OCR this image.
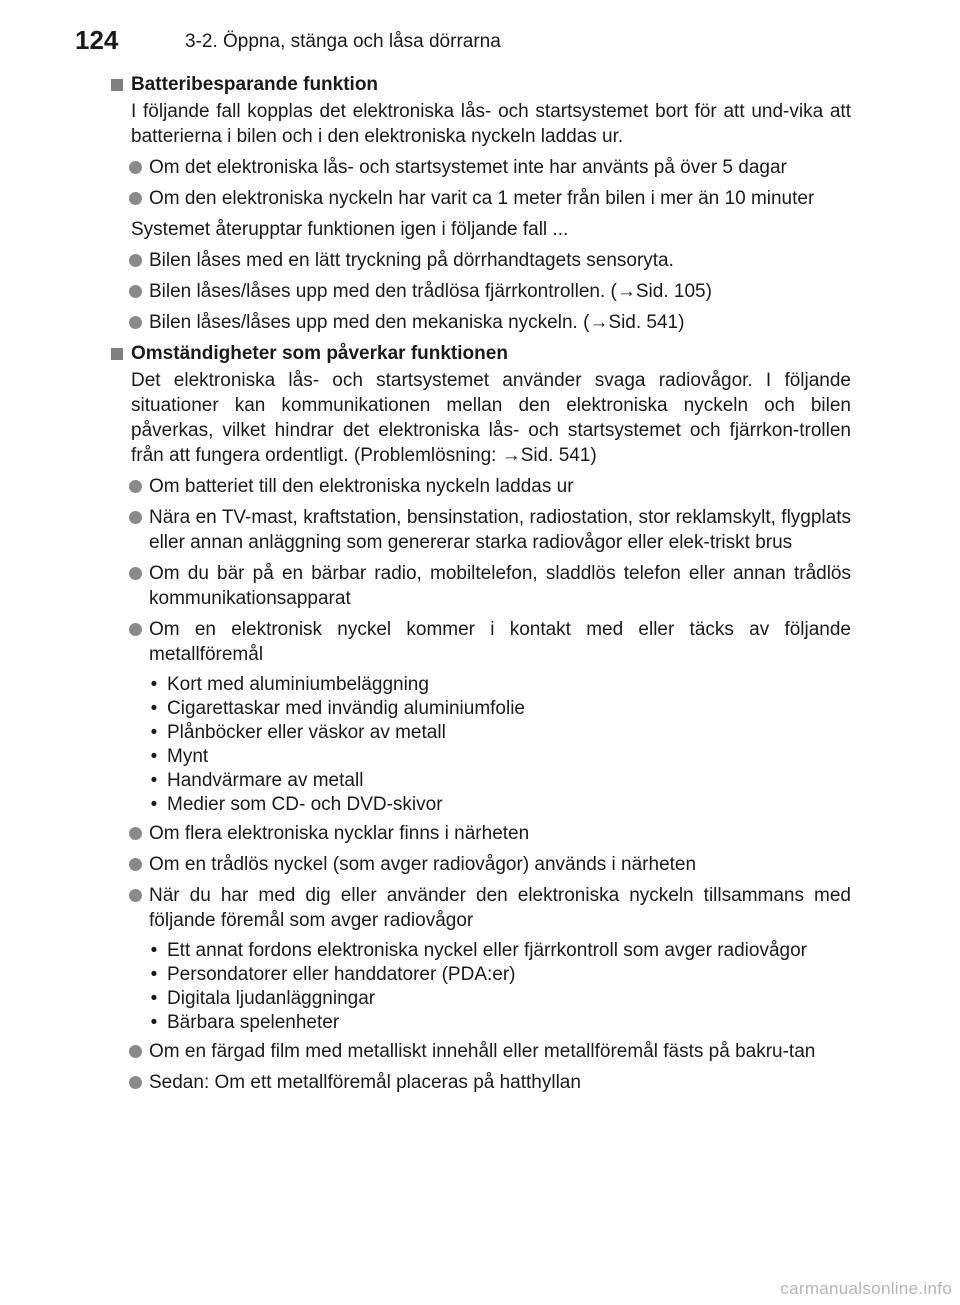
124	3-2. Öppna, stänga och låsa dörrarna
Batteribesparande funktion
I följande fall kopplas det elektroniska lås- och startsystemet bort för att und-vika att batterierna i bilen och i den elektroniska nyckeln laddas ur.
Om det elektroniska lås- och startsystemet inte har använts på över 5 dagar
Om den elektroniska nyckeln har varit ca 1 meter från bilen i mer än 10 minuter
Systemet återupptar funktionen igen i följande fall ...
Bilen låses med en lätt tryckning på dörrhandtagets sensoryta.
Bilen låses/låses upp med den trådlösa fjärrkontrollen. (→Sid. 105)
Bilen låses/låses upp med den mekaniska nyckeln. (→Sid. 541)
Omständigheter som påverkar funktionen
Det elektroniska lås- och startsystemet använder svaga radiovågor. I följande situationer kan kommunikationen mellan den elektroniska nyckeln och bilen påverkas, vilket hindrar det elektroniska lås- och startsystemet och fjärrkon-trollen från att fungera ordentligt. (Problemlösning: →Sid. 541)
Om batteriet till den elektroniska nyckeln laddas ur
Nära en TV-mast, kraftstation, bensinstation, radiostation, stor reklamskylt, flygplats eller annan anläggning som genererar starka radiovågor eller elek-triskt brus
Om du bär på en bärbar radio, mobiltelefon, sladdlös telefon eller annan trådlös kommunikationsapparat
Om en elektronisk nyckel kommer i kontakt med eller täcks av följande metallföremål
• Kort med aluminiumbeläggning
• Cigarettaskar med invändig aluminiumfolie
• Plånböcker eller väskor av metall
• Mynt
• Handvärmare av metall
• Medier som CD- och DVD-skivor
Om flera elektroniska nycklar finns i närheten
Om en trådlös nyckel (som avger radiovågor) används i närheten
När du har med dig eller använder den elektroniska nyckeln tillsammans med följande föremål som avger radiovågor
• Ett annat fordons elektroniska nyckel eller fjärrkontroll som avger radiovågor
• Persondatorer eller handdatorer (PDA:er)
• Digitala ljudanläggningar
• Bärbara spelenheter
Om en färgad film med metalliskt innehåll eller metallföremål fästs på bakru-tan
Sedan: Om ett metallföremål placeras på hatthyllan
carmanualsonline.info
